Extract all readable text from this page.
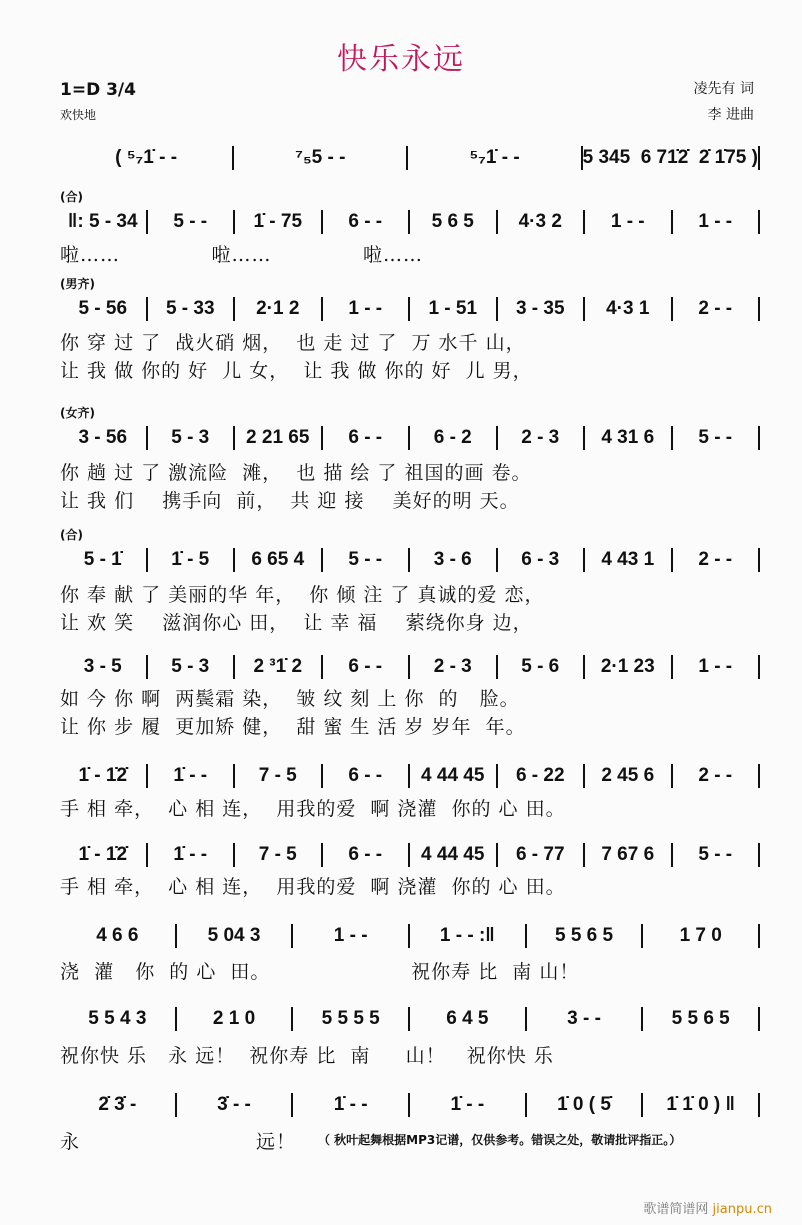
快乐永远
1=D 3/4
欢快地
凌先有 词
李 进曲
( ⁵₇1̇ - -	⁷₅5 - -	⁵₇1̇ - -	5 345  6 71̇2̇  2̇ 1̇75 )
(合)
‖: 5 - 34	5 - -	1̇ - 75	6 - -	5 6 5	4·3 2	1 - -	1 - -
啦……             啦……             啦……
(男齐)
5 - 56	5 - 33	2·1 2	1 - -	1 - 51	3 - 35	4·3 1	2 - -
你 穿 过 了  战火硝 烟，  也 走 过 了  万 水千 山，
让 我 做 你的 好  儿 女，  让 我 做 你的 好  儿 男，
(女齐)
3 - 56	5 - 3	2 21 65	6 - -	6 - 2	2 - 3	4 31 6	5 - -
你 趟 过 了 激流险  滩，  也 描 绘 了 祖国的画 卷。
让 我 们    携手向  前，  共 迎 接    美好的明 天。
(合)
5 - 1̇	1̇ - 5	6 65 4	5 - -	3 - 6	6 - 3	4 43 1	2 - -
你 奉 献 了 美丽的华 年，  你 倾 注 了 真诚的爱 恋，
让 欢 笑    滋润你心 田，  让 幸 福    萦绕你身 边，
3 - 5	5 - 3	2 ³1̇ 2	6 - -	2 - 3	5 - 6	2·1 23	1 - -
如 今 你 啊  两鬓霜 染，  皱 纹 刻 上 你  的   脸。
让 你 步 履  更加矫 健，  甜 蜜 生 活 岁 岁年  年。
1̇ - 1̇2̇	1̇ - -	7 - 5	6 - -	4 44 45	6 - 22	2 45 6	2 - -
手 相 牵，  心 相 连，  用我的爱  啊 浇灌  你的 心 田。
1̇ - 1̇2̇	1̇ - -	7 - 5	6 - -	4 44 45	6 - 77	7 67 6	5 - -
手 相 牵，  心 相 连，  用我的爱  啊 浇灌  你的 心 田。
4 6 6	5 04 3	1 - -	1 - - :‖	5 5 6 5	1 7 0
浇  灌   你  的 心  田。                    祝你寿 比  南 山！
5 5 4 3	2 1 0	5 5 5 5	6 4 5	3 - -	5 5 6 5
祝你快 乐   永 远！  祝你寿 比  南     山！   祝你快 乐
2̇ 3̇ -	3̇ - -	1̇ - -	1̇ - -	1̇ 0 ( 5̇	1̇ 1̇ 0 ) ‖
永                         远！	（ 秋叶起舞根据MP3记谱，仅供参考。错误之处，敬请批评指正。）
歌谱简谱网 jianpu.cn
